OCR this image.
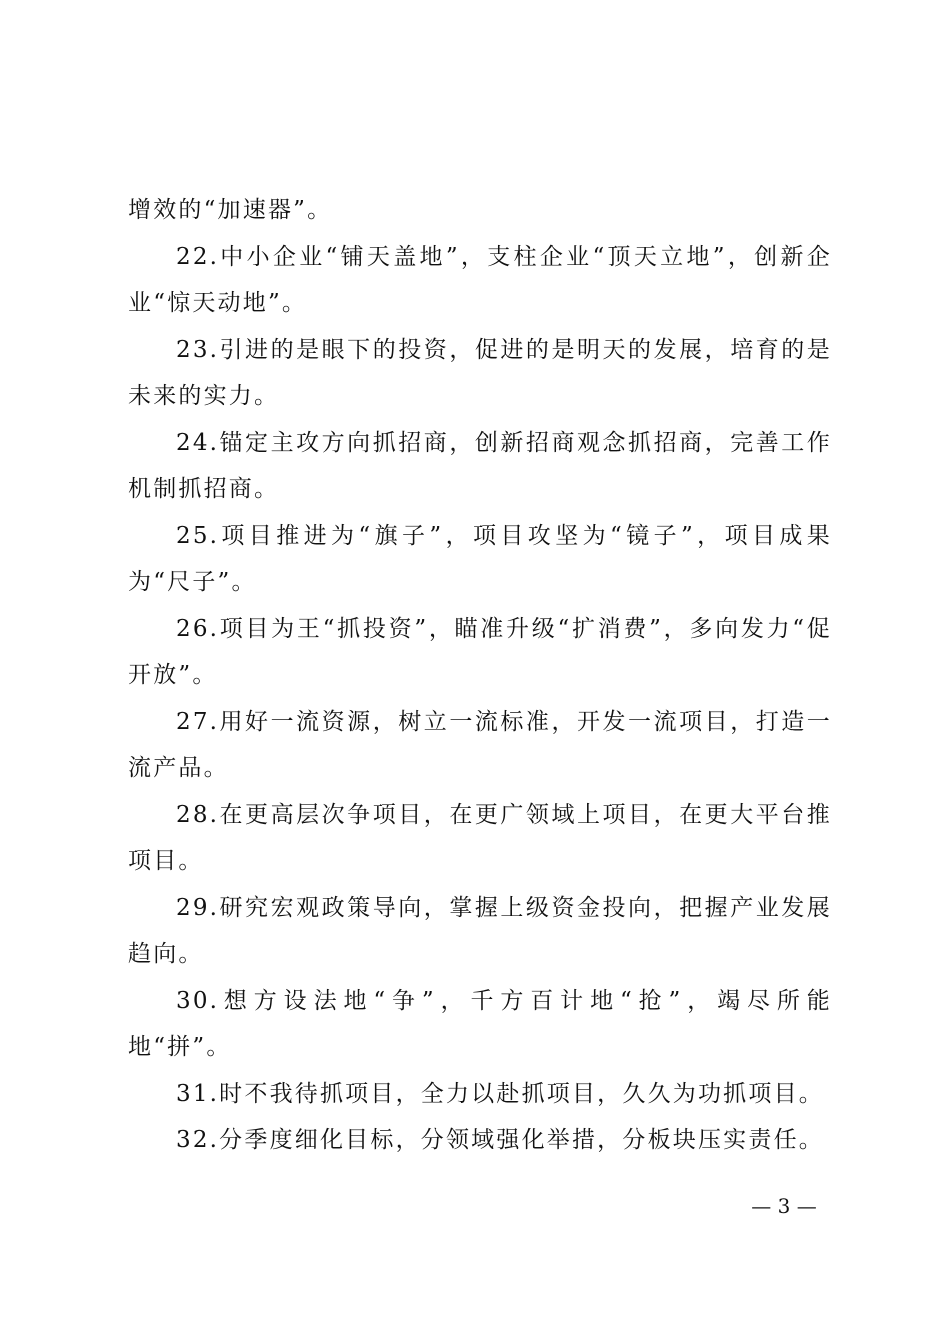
增效的“加速器”。

22.中小企业“铺天盖地”，支柱企业“顶天立地”，创新企业“惊天动地”。

23.引进的是眼下的投资，促进的是明天的发展，培育的是未来的实力。

24.锚定主攻方向抓招商，创新招商观念抓招商，完善工作机制抓招商。

25.项目推进为“旗子”，项目攻坚为“镜子”，项目成果为“尺子”。

26.项目为王“抓投资”，瞄准升级“扩消费”，多向发力“促开放”。

27.用好一流资源，树立一流标准，开发一流项目，打造一流产品。

28.在更高层次争项目，在更广领域上项目，在更大平台推项目。

29.研究宏观政策导向，掌握上级资金投向，把握产业发展趋向。

30.想方设法地“争”，千方百计地“抢”，竭尽所能地“拼”。

31.时不我待抓项目，全力以赴抓项目，久久为功抓项目。

32.分季度细化目标，分领域强化举措，分板块压实责任。

— 3 —
